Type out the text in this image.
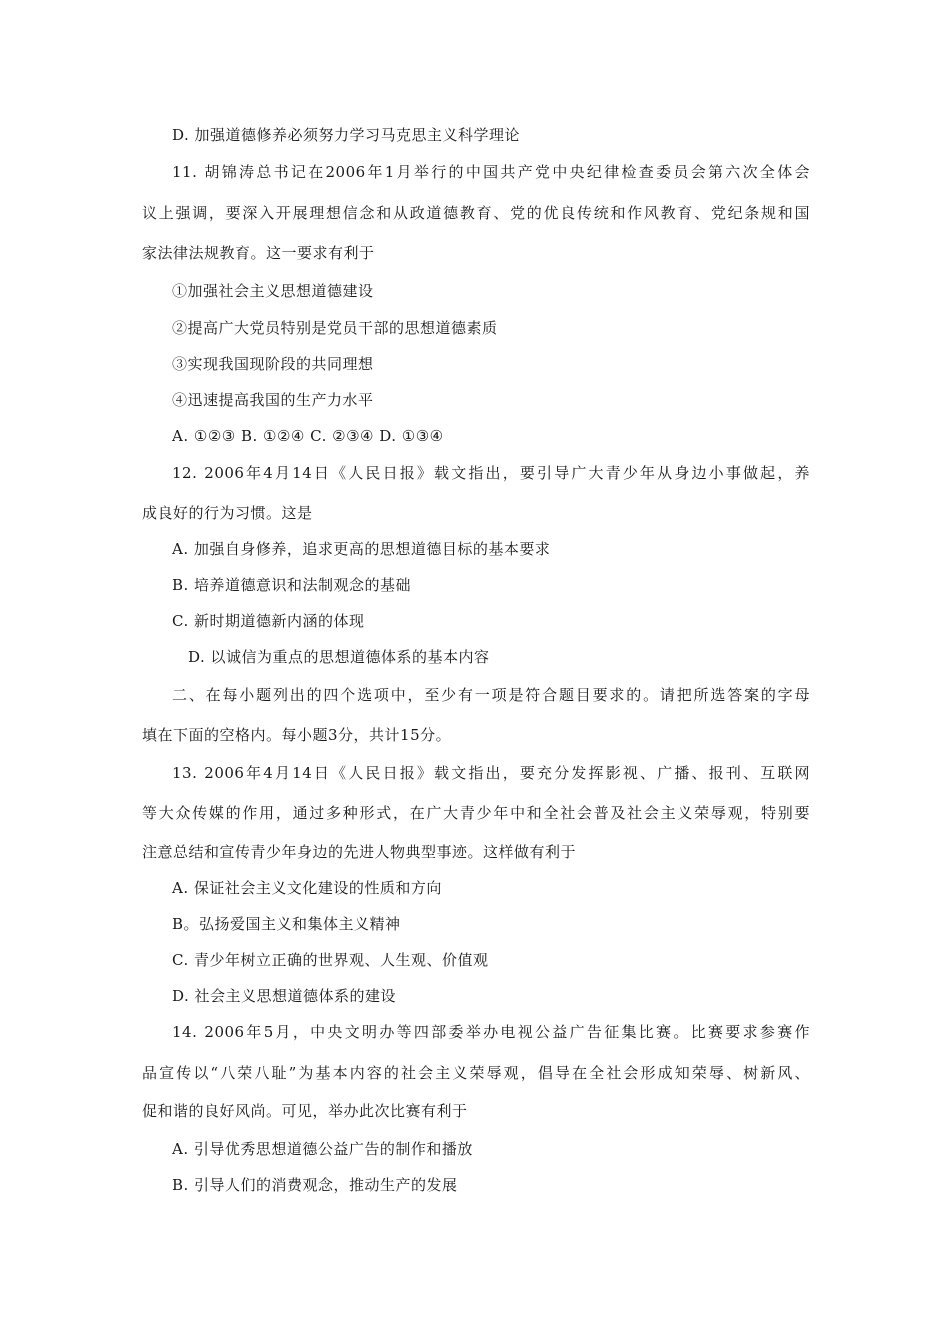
D. 加强道德修养必须努力学习马克思主义科学理论
11. 胡锦涛总书记在2006年1月举行的中国共产党中央纪律检查委员会第六次全体会
议上强调，要深入开展理想信念和从政道德教育、党的优良传统和作风教育、党纪条规和国
家法律法规教育。这一要求有利于
①加强社会主义思想道德建设
②提高广大党员特别是党员干部的思想道德素质
③实现我国现阶段的共同理想
④迅速提高我国的生产力水平
A. ①②③ B. ①②④ C. ②③④ D. ①③④
12. 2006年4月14日《人民日报》载文指出，要引导广大青少年从身边小事做起，养
成良好的行为习惯。这是
A. 加强自身修养，追求更高的思想道德目标的基本要求
B. 培养道德意识和法制观念的基础
C. 新时期道德新内涵的体现
D. 以诚信为重点的思想道德体系的基本内容
二、在每小题列出的四个选项中，至少有一项是符合题目要求的。请把所选答案的字母
填在下面的空格内。每小题3分，共计15分。
13. 2006年4月14日《人民日报》载文指出，要充分发挥影视、广播、报刊、互联网
等大众传媒的作用，通过多种形式，在广大青少年中和全社会普及社会主义荣辱观，特别要
注意总结和宣传青少年身边的先进人物典型事迹。这样做有利于
A. 保证社会主义文化建设的性质和方向
B。弘扬爱国主义和集体主义精神
C. 青少年树立正确的世界观、人生观、价值观
D. 社会主义思想道德体系的建设
14. 2006年5月，中央文明办等四部委举办电视公益广告征集比赛。比赛要求参赛作
品宣传以“八荣八耻”为基本内容的社会主义荣辱观，倡导在全社会形成知荣辱、树新风、
促和谐的良好风尚。可见，举办此次比赛有利于
A. 引导优秀思想道德公益广告的制作和播放
B. 引导人们的消费观念，推动生产的发展
